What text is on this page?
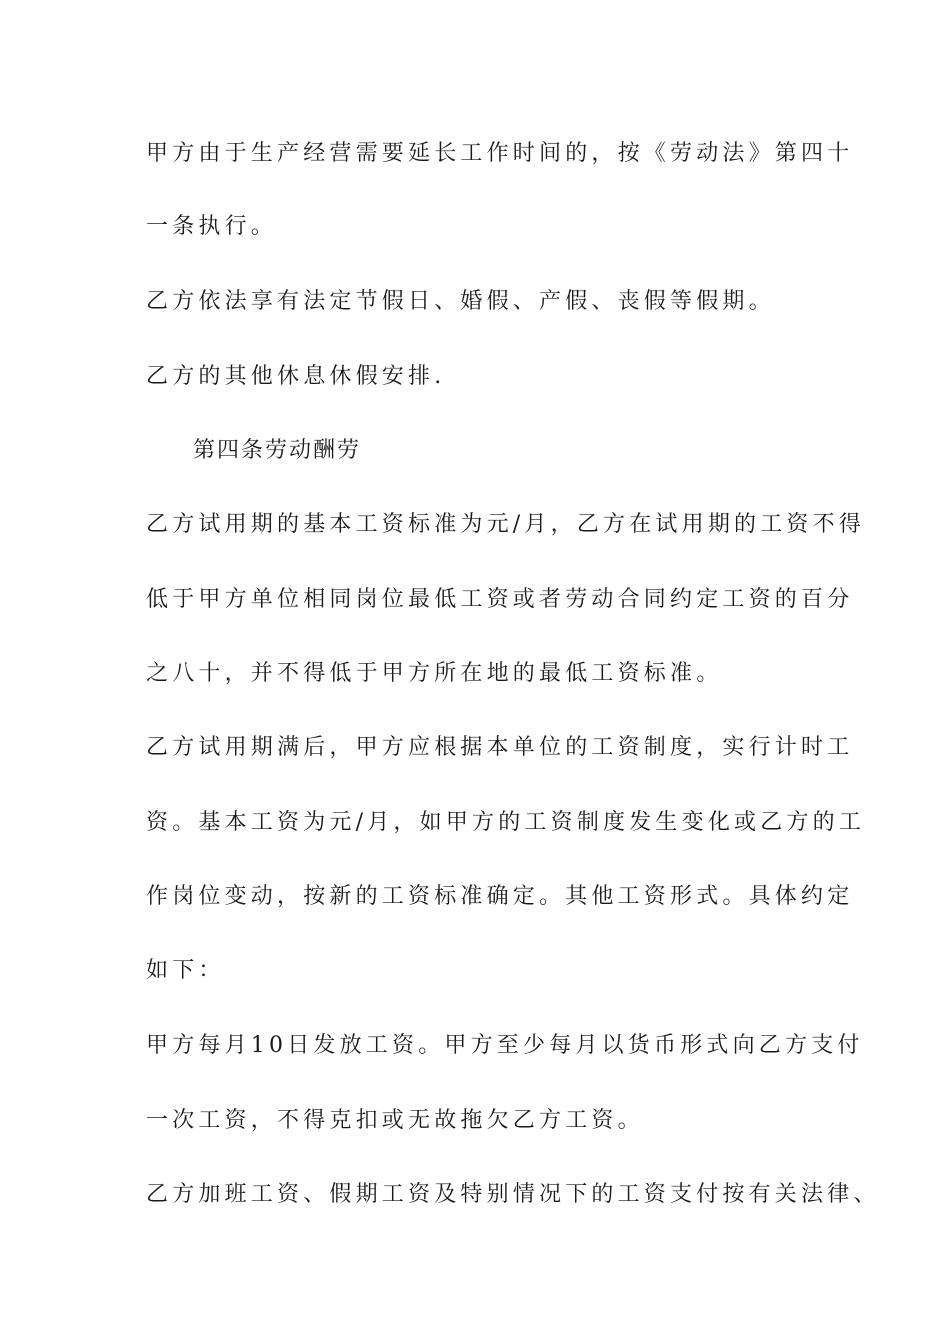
甲方由于生产经营需要延长工作时间的，按《劳动法》第四十
一条执行。
乙方依法享有法定节假日、婚假、产假、丧假等假期。
乙方的其他休息休假安排.
第四条劳动酬劳
乙方试用期的基本工资标准为元/月，乙方在试用期的工资不得
低于甲方单位相同岗位最低工资或者劳动合同约定工资的百分
之八十，并不得低于甲方所在地的最低工资标准。
乙方试用期满后，甲方应根据本单位的工资制度，实行计时工
资。基本工资为元/月，如甲方的工资制度发生变化或乙方的工
作岗位变动，按新的工资标准确定。其他工资形式。具体约定
如下：
甲方每月10日发放工资。甲方至少每月以货币形式向乙方支付
一次工资，不得克扣或无故拖欠乙方工资。
乙方加班工资、假期工资及特别情况下的工资支付按有关法律、
